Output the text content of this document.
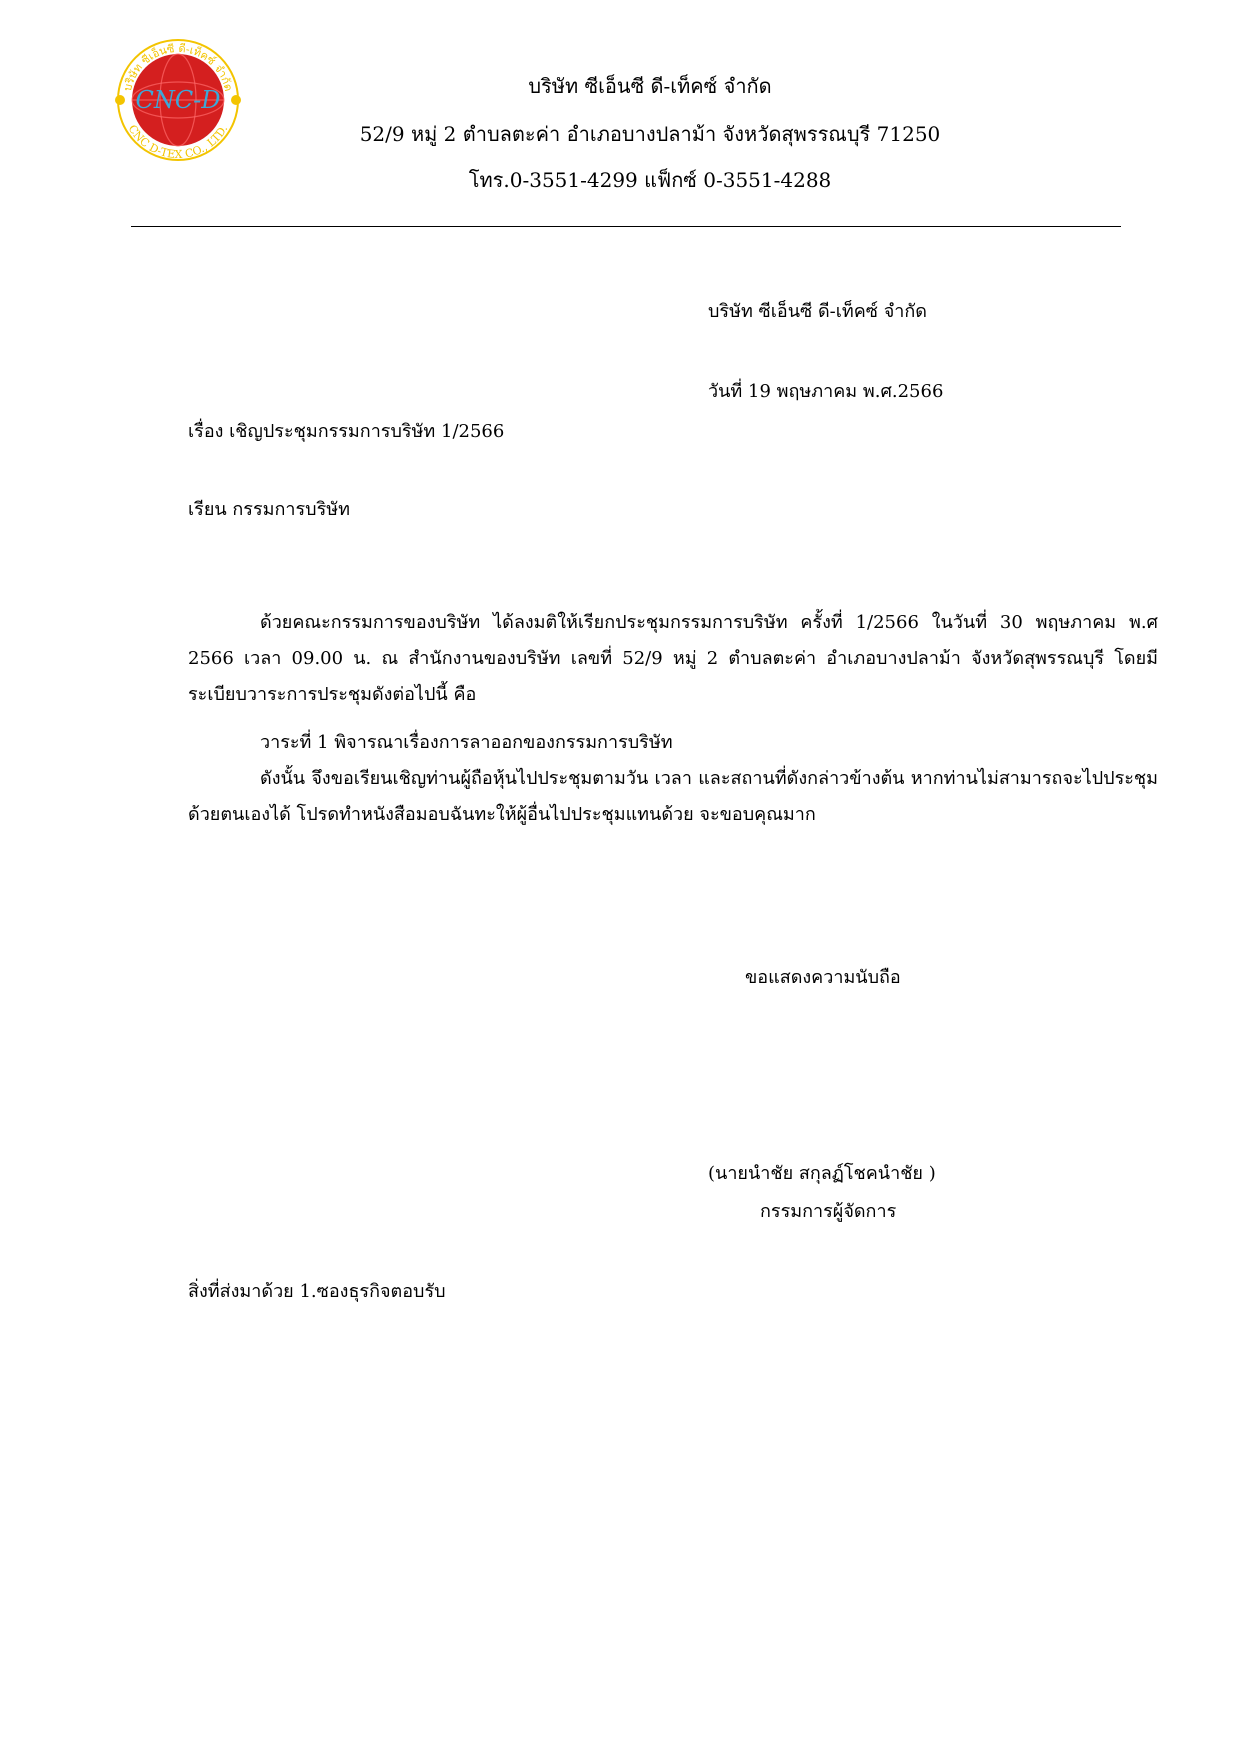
บริษัท ซีเอ็นซี ดี-เท็คซ์ จำกัด
CNC D-TEX CO., LTD.
CNC-D	บริษัท ซีเอ็นซี ดี-เท็คซ์ จำกัด
52/9 หมู่ 2 ตำบลตะค่า อำเภอบางปลาม้า จังหวัดสุพรรณบุรี 71250
โทร.0-3551-4299 แฟ็กซ์ 0-3551-4288
บริษัท ซีเอ็นซี ดี-เท็คซ์ จำกัด
วันที่ 19 พฤษภาคม พ.ศ.2566
เรื่อง เชิญประชุมกรรมการบริษัท 1/2566
เรียน กรรมการบริษัท
ด้วยคณะกรรมการของบริษัท ได้ลงมติให้เรียกประชุมกรรมการบริษัท ครั้งที่ 1/2566 ในวันที่ 30 พฤษภาคม พ.ศ 2566 เวลา 09.00 น. ณ สำนักงานของบริษัท เลขที่ 52/9 หมู่ 2 ตำบลตะค่า อำเภอบางปลาม้า จังหวัดสุพรรณบุรี โดยมีระเบียบวาระการประชุมดังต่อไปนี้ คือ
วาระที่ 1 พิจารณาเรื่องการลาออกของกรรมการบริษัท
ดังนั้น จึงขอเรียนเชิญท่านผู้ถือหุ้นไปประชุมตามวัน เวลา และสถานที่ดังกล่าวข้างต้น หากท่านไม่สามารถจะไปประชุมด้วยตนเองได้ โปรดทำหนังสือมอบฉันทะให้ผู้อื่นไปประชุมแทนด้วย จะขอบคุณมาก
ขอแสดงความนับถือ
(นายนำชัย สกุลฏ์โชคนำชัย )
กรรมการผู้จัดการ
สิ่งที่ส่งมาด้วย 1.ซองธุรกิจตอบรับ
